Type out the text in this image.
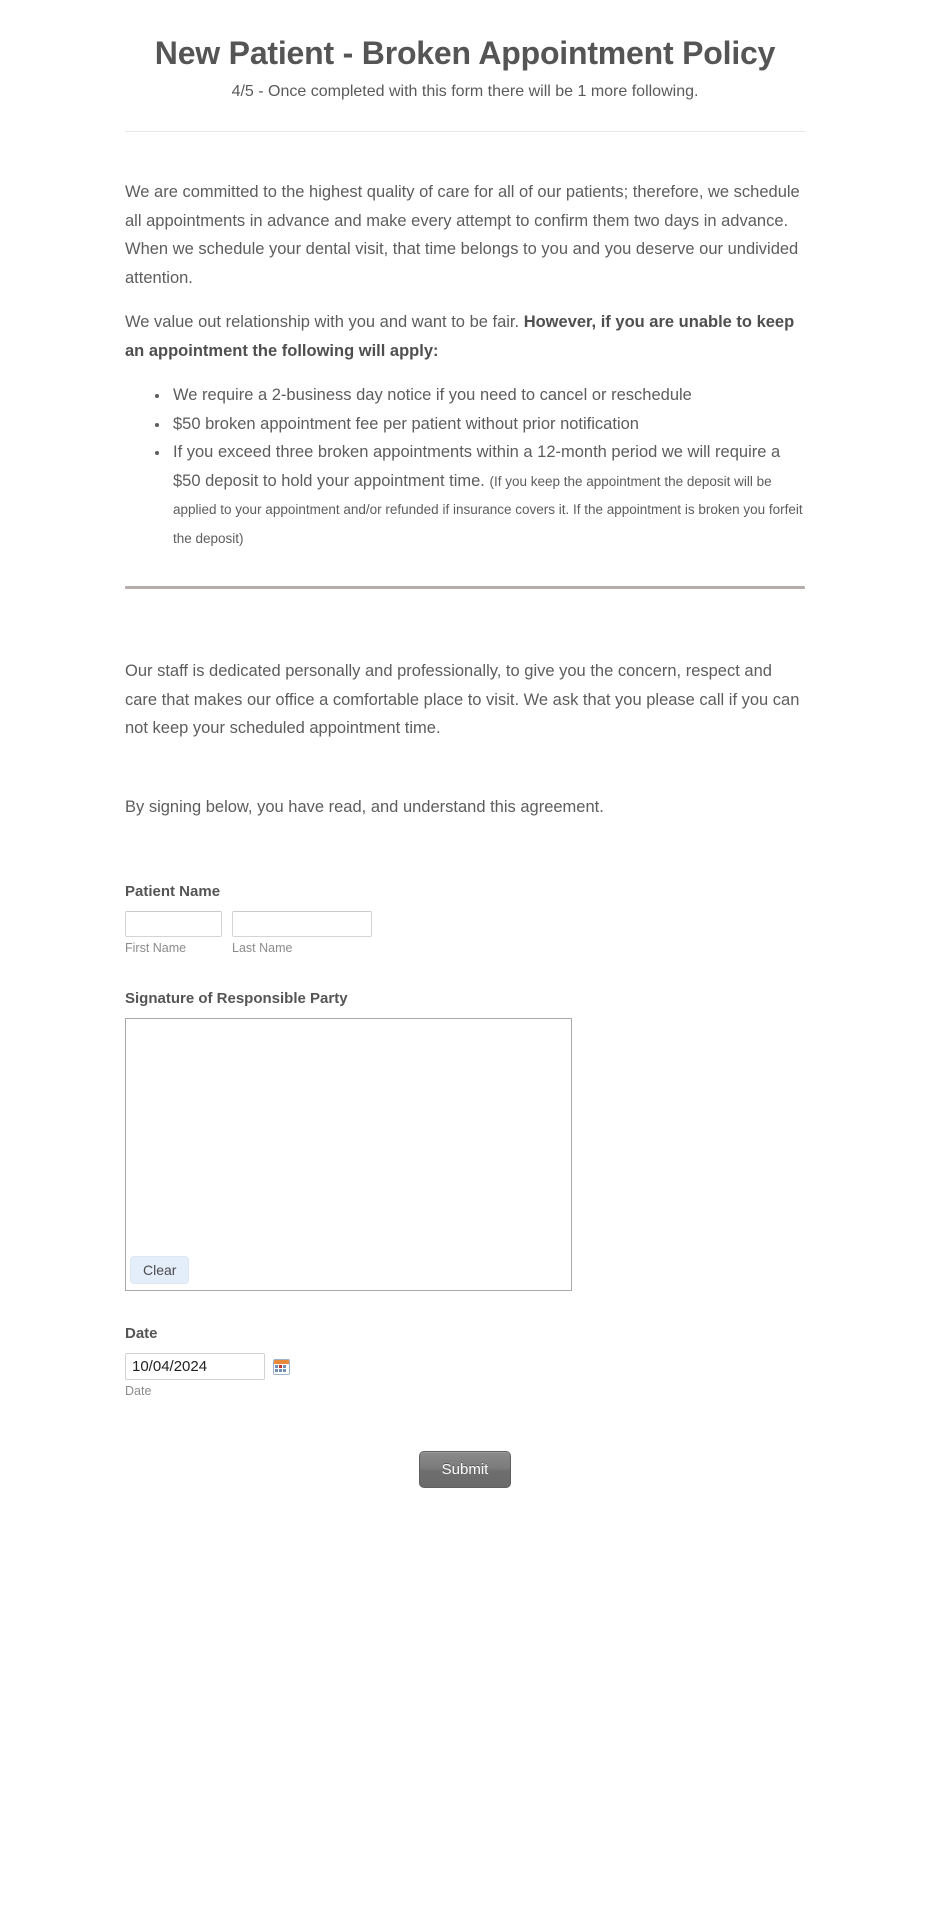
New Patient - Broken Appointment Policy
4/5 - Once completed with this form there will be 1 more following.

We are committed to the highest quality of care for all of our patients; therefore, we schedule all appointments in advance and make every attempt to confirm them two days in advance. When we schedule your dental visit, that time belongs to you and you deserve our undivided attention.

We value out relationship with you and want to be fair. However, if you are unable to keep an appointment the following will apply:

We require a 2-business day notice if you need to cancel or reschedule
$50 broken appointment fee per patient without prior notification
If you exceed three broken appointments within a 12-month period we will require a $50 deposit to hold your appointment time. (If you keep the appointment the deposit will be applied to your appointment and/or refunded if insurance covers it. If the appointment is broken you forfeit the deposit)

Our staff is dedicated personally and professionally, to give you the concern, respect and care that makes our office a comfortable place to visit. We ask that you please call if you can not keep your scheduled appointment time.

By signing below, you have read, and understand this agreement.

Patient Name
First Name	Last Name
Signature of Responsible Party
Clear
Date
10/04/2024
Date
Submit
